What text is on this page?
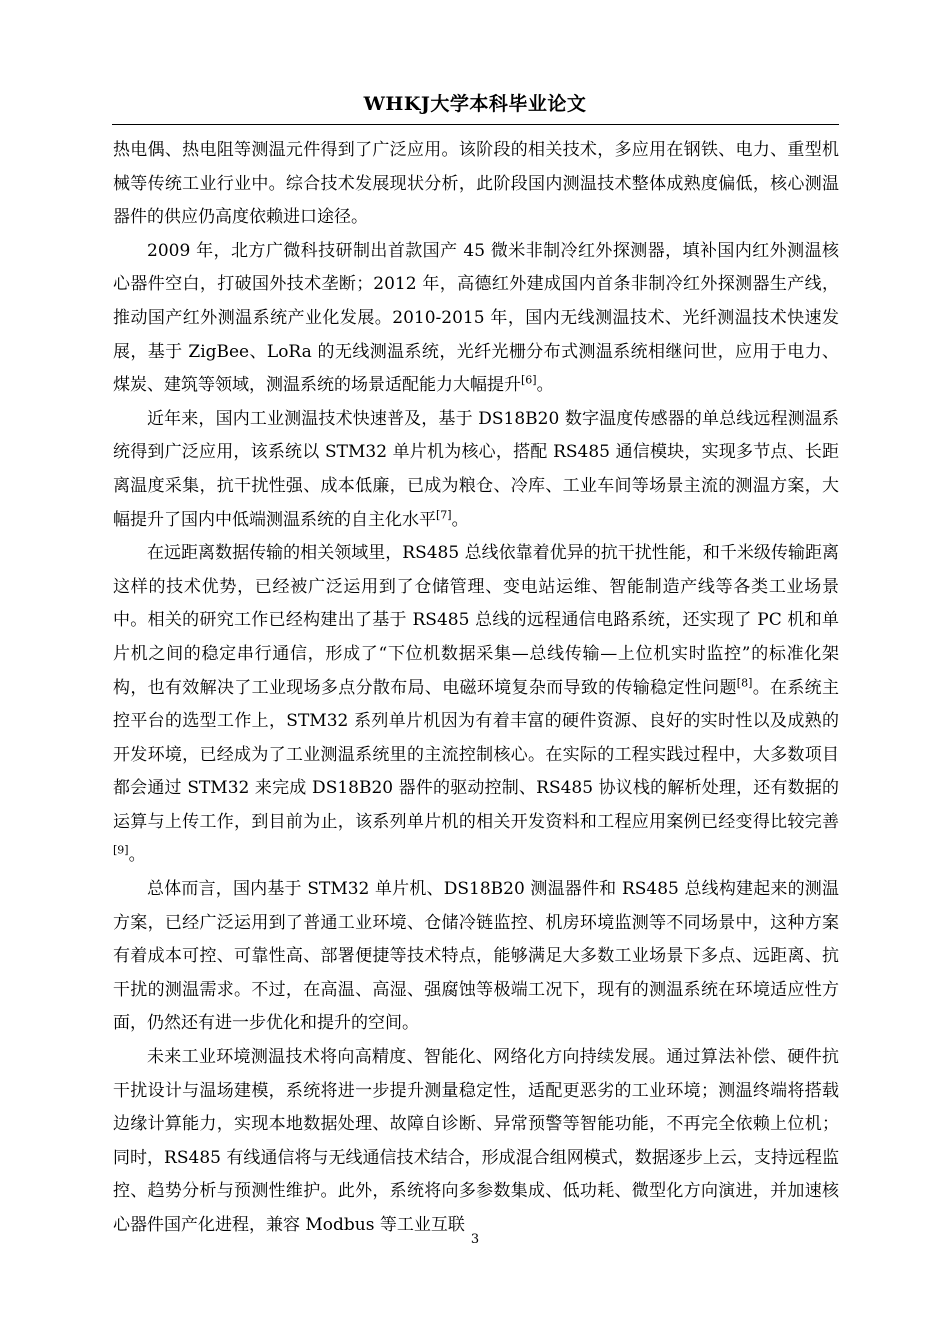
WHKJ大学本科毕业论文

热电偶、热电阻等测温元件得到了广泛应用。该阶段的相关技术，多应用在钢铁、电力、重型机械等传统工业行业中。综合技术发展现状分析，此阶段国内测温技术整体成熟度偏低，核心测温器件的供应仍高度依赖进口途径。

2009 年，北方广微科技研制出首款国产 45 微米非制冷红外探测器，填补国内红外测温核心器件空白，打破国外技术垄断；2012 年，高德红外建成国内首条非制冷红外探测器生产线，推动国产红外测温系统产业化发展。2010-2015 年，国内无线测温技术、光纤测温技术快速发展，基于 ZigBee、LoRa 的无线测温系统，光纤光栅分布式测温系统相继问世，应用于电力、煤炭、建筑等领域，测温系统的场景适配能力大幅提升[6]。

近年来，国内工业测温技术快速普及，基于 DS18B20 数字温度传感器的单总线远程测温系统得到广泛应用，该系统以 STM32 单片机为核心，搭配 RS485 通信模块，实现多节点、长距离温度采集，抗干扰性强、成本低廉，已成为粮仓、冷库、工业车间等场景主流的测温方案，大幅提升了国内中低端测温系统的自主化水平[7]。

在远距离数据传输的相关领域里，RS485 总线依靠着优异的抗干扰性能，和千米级传输距离这样的技术优势，已经被广泛运用到了仓储管理、变电站运维、智能制造产线等各类工业场景中。相关的研究工作已经构建出了基于 RS485 总线的远程通信电路系统，还实现了 PC 机和单片机之间的稳定串行通信，形成了“下位机数据采集—总线传输—上位机实时监控”的标准化架构，也有效解决了工业现场多点分散布局、电磁环境复杂而导致的传输稳定性问题[8]。在系统主控平台的选型工作上，STM32 系列单片机因为有着丰富的硬件资源、良好的实时性以及成熟的开发环境，已经成为了工业测温系统里的主流控制核心。在实际的工程实践过程中，大多数项目都会通过 STM32 来完成 DS18B20 器件的驱动控制、RS485 协议栈的解析处理，还有数据的运算与上传工作，到目前为止，该系列单片机的相关开发资料和工程应用案例已经变得比较完善[9]。

总体而言，国内基于 STM32 单片机、DS18B20 测温器件和 RS485 总线构建起来的测温方案，已经广泛运用到了普通工业环境、仓储冷链监控、机房环境监测等不同场景中，这种方案有着成本可控、可靠性高、部署便捷等技术特点，能够满足大多数工业场景下多点、远距离、抗干扰的测温需求。不过，在高温、高湿、强腐蚀等极端工况下，现有的测温系统在环境适应性方面，仍然还有进一步优化和提升的空间。

未来工业环境测温技术将向高精度、智能化、网络化方向持续发展。通过算法补偿、硬件抗干扰设计与温场建模，系统将进一步提升测量稳定性，适配更恶劣的工业环境；测温终端将搭载边缘计算能力，实现本地数据处理、故障自诊断、异常预警等智能功能，不再完全依赖上位机；同时，RS485 有线通信将与无线通信技术结合，形成混合组网模式，数据逐步上云，支持远程监控、趋势分析与预测性维护。此外，系统将向多参数集成、低功耗、微型化方向演进，并加速核心器件国产化进程，兼容 Modbus 等工业互联

3
